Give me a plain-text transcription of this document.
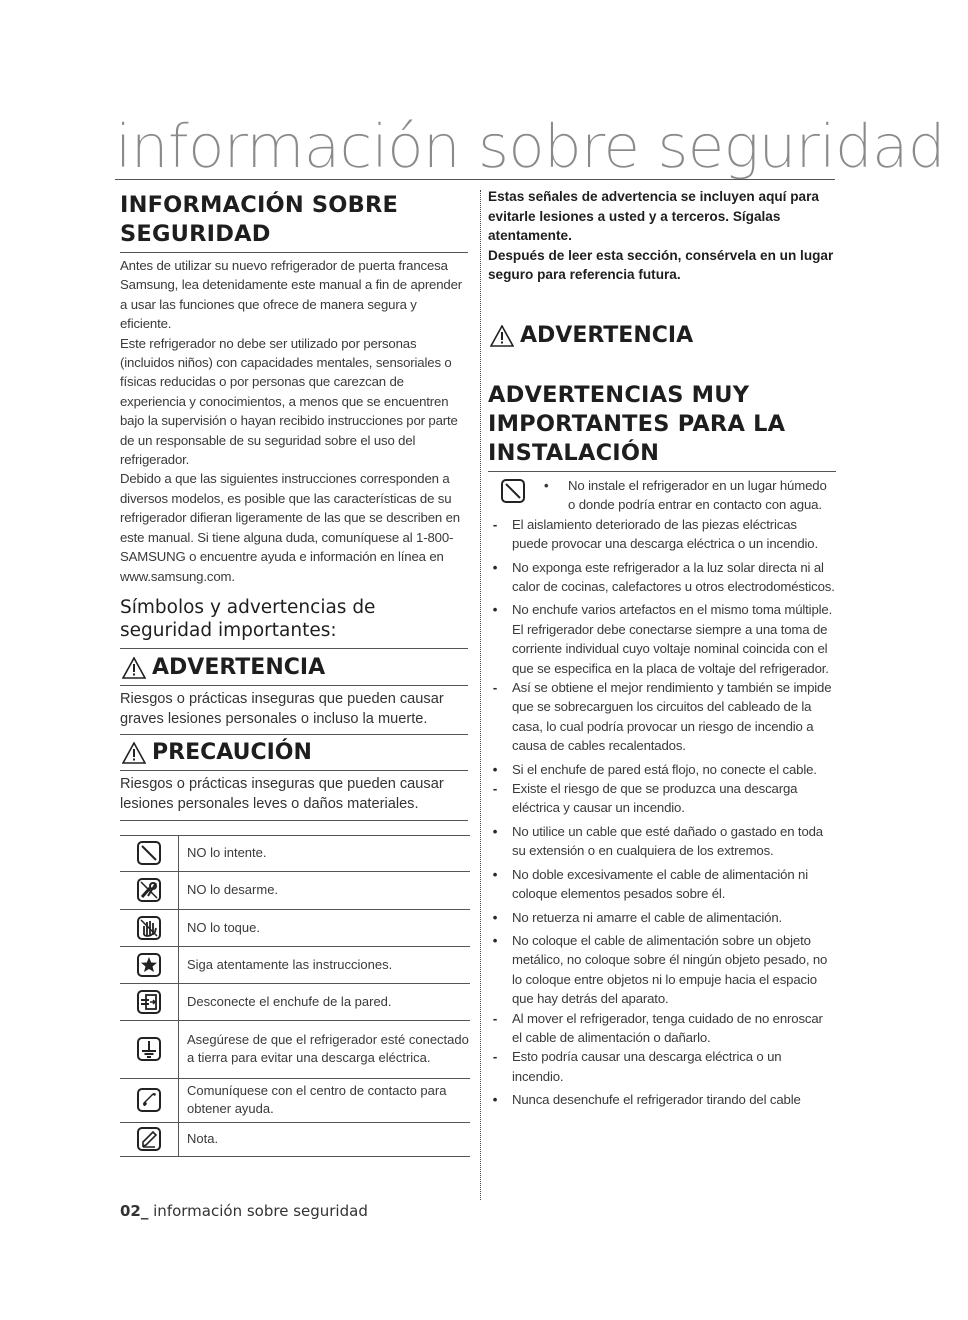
información sobre seguridad
INFORMACIÓN SOBRE
SEGURIDAD

Antes de utilizar su nuevo refrigerador de puerta francesa Samsung, lea detenidamente este manual a fin de aprender a usar las funciones que ofrece de manera segura y eficiente.

Este refrigerador no debe ser utilizado por personas (incluidos niños) con capacidades mentales, sensoriales o físicas reducidas o por personas que carezcan de experiencia y conocimientos, a menos que se encuentren bajo la supervisión o hayan recibido instrucciones por parte de un responsable de su seguridad sobre el uso del refrigerador.

Debido a que las siguientes instrucciones corresponden a diversos modelos, es posible que las características de su refrigerador difieran ligeramente de las que se describen en este manual. Si tiene alguna duda, comuníquese al 1-800-SAMSUNG o encuentre ayuda e información en línea en www.samsung.com.

Símbolos y advertencias de seguridad importantes:
ADVERTENCIA

Riesgos o prácticas inseguras que pueden causar graves lesiones personales o incluso la muerte.

PRECAUCIÓN

Riesgos o prácticas inseguras que pueden causar lesiones personales leves o daños materiales.

	NO lo intente.
	NO lo desarme.
	NO lo toque.
	Siga atentamente las instrucciones.
	Desconecte el enchufe de la pared.
	Asegúrese de que el refrigerador esté conectado a tierra para evitar una descarga eléctrica.
	Comuníquese con el centro de contacto para obtener ayuda.
	Nota.

Estas señales de advertencia se incluyen aquí para evitarle lesiones a usted y a terceros. Sígalas atentamente.

Después de leer esta sección, consérvela en un lugar seguro para referencia futura.

ADVERTENCIA
ADVERTENCIAS MUY
IMPORTANTES PARA LA
INSTALACIÓN
• No instale el refrigerador en un lugar húmedo o donde podría entrar en contacto con agua.
-	El aislamiento deteriorado de las piezas eléctricas puede provocar una descarga eléctrica o un incendio.
•	No exponga este refrigerador a la luz solar directa ni al calor de cocinas, calefactores u otros electrodomésticos.
•	No enchufe varios artefactos en el mismo toma múltiple. El refrigerador debe conectarse siempre a una toma de corriente individual cuyo voltaje nominal coincida con el que se especifica en la placa de voltaje del refrigerador.
-	Así se obtiene el mejor rendimiento y también se impide que se sobrecarguen los circuitos del cableado de la casa, lo cual podría provocar un riesgo de incendio a causa de cables recalentados.
•	Si el enchufe de pared está flojo, no conecte el cable.
-	Existe el riesgo de que se produzca una descarga eléctrica y causar un incendio.
•	No utilice un cable que esté dañado o gastado en toda su extensión o en cualquiera de los extremos.
•	No doble excesivamente el cable de alimentación ni coloque elementos pesados sobre él.
•	No retuerza ni amarre el cable de alimentación.
•	No coloque el cable de alimentación sobre un objeto metálico, no coloque sobre él ningún objeto pesado, no lo coloque entre objetos ni lo empuje hacia el espacio que hay detrás del aparato.
-	Al mover el refrigerador, tenga cuidado de no enroscar el cable de alimentación o dañarlo.
-	Esto podría causar una descarga eléctrica o un incendio.
•	Nunca desenchufe el refrigerador tirando del cable
02_ información sobre seguridad
